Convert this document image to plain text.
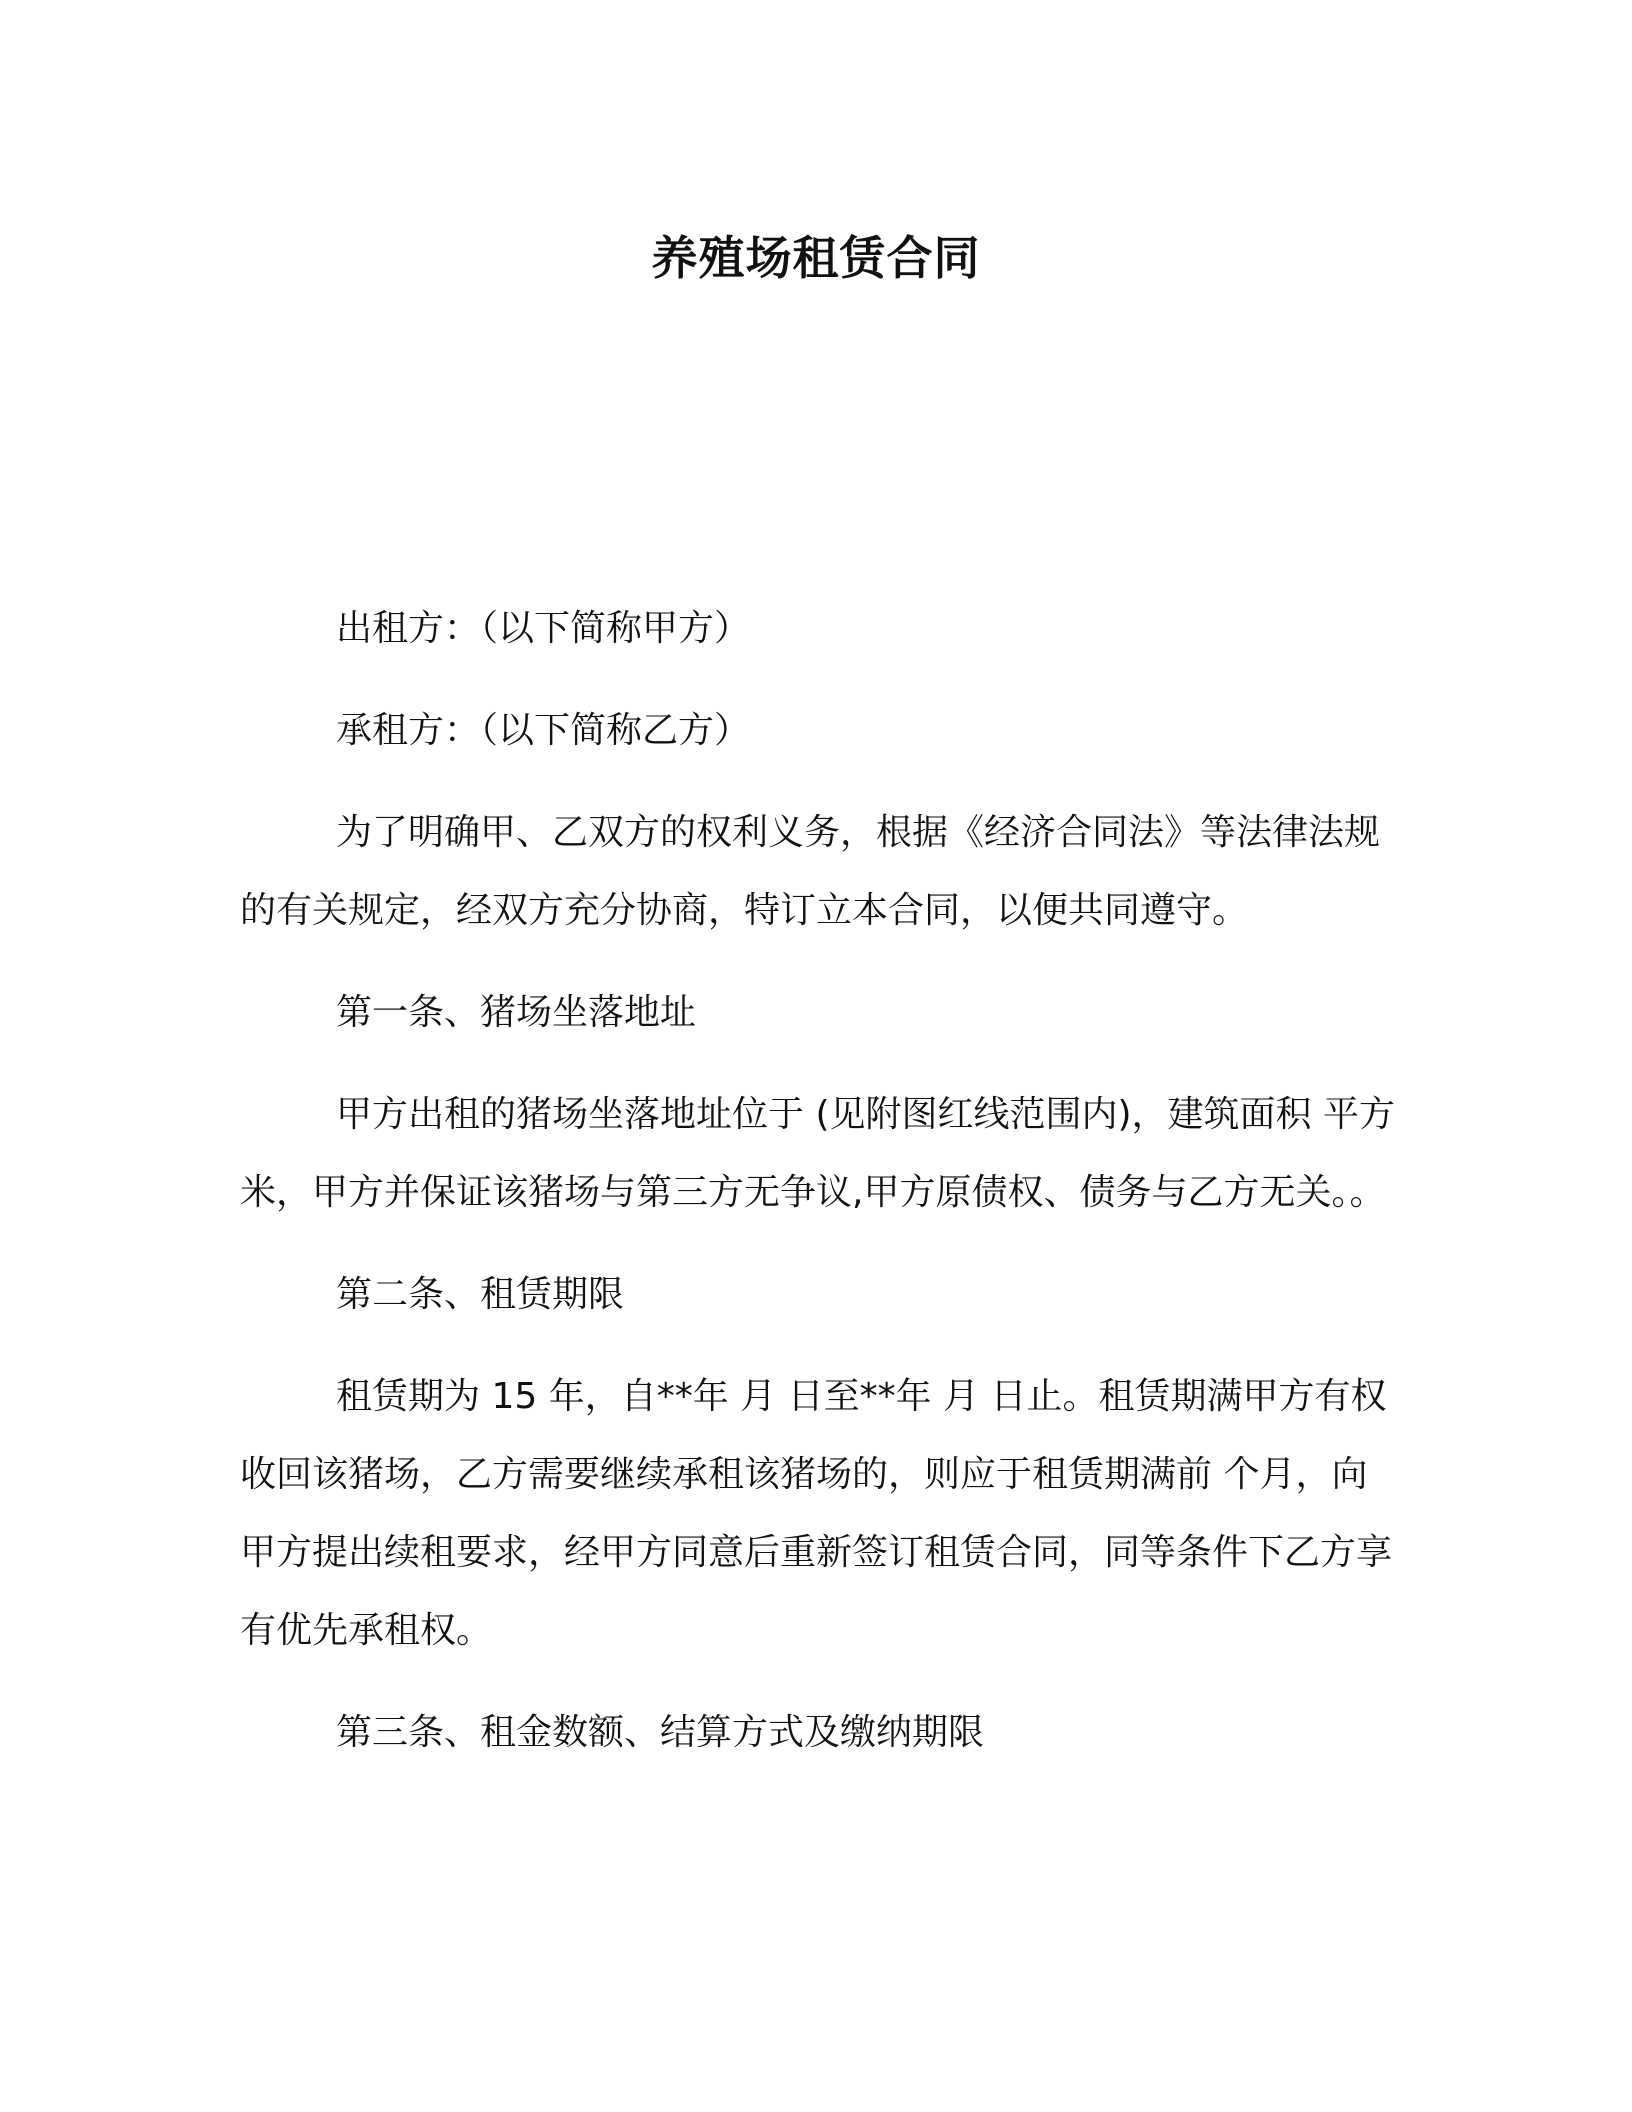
养殖场租赁合同

出租方：（以下简称甲方）

承租方：（以下简称乙方）

为了明确甲、乙双方的权利义务，根据《经济合同法》等法律法规的有关规定，经双方充分协商，特订立本合同，以便共同遵守。

第一条、猪场坐落地址

甲方出租的猪场坐落地址位于 (见附图红线范围内)，建筑面积 平方米，甲方并保证该猪场与第三方无争议,甲方原债权、债务与乙方无关。。

第二条、租赁期限

租赁期为 15 年，自**年 月 日至**年 月 日止。租赁期满甲方有权收回该猪场，乙方需要继续承租该猪场的，则应于租赁期满前 个月，向甲方提出续租要求，经甲方同意后重新签订租赁合同，同等条件下乙方享有优先承租权。

第三条、租金数额、结算方式及缴纳期限
